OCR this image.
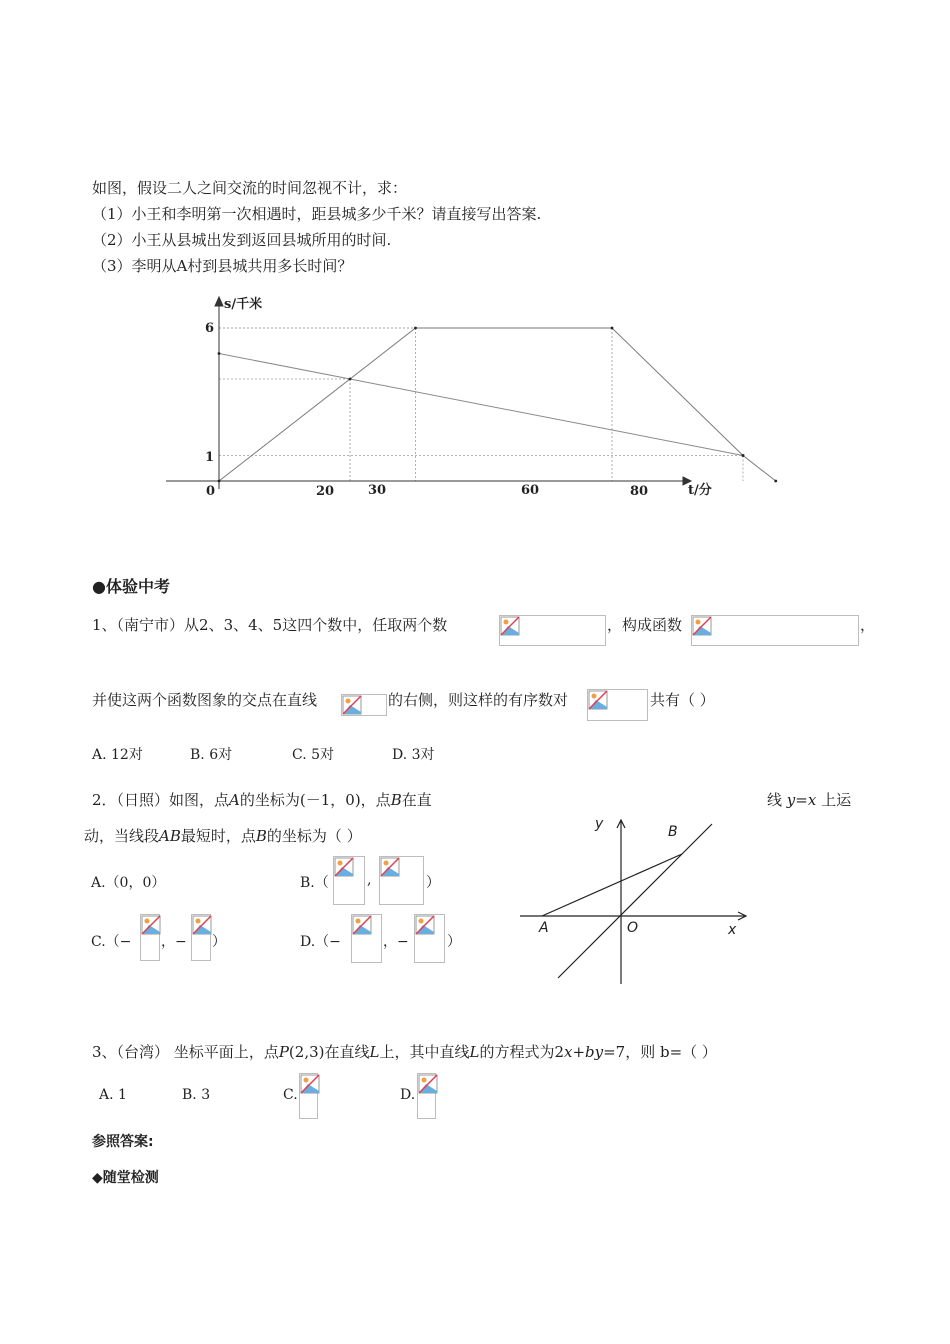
如图，假设二人之间交流的时间忽视不计，求：
（1）小王和李明第一次相遇时，距县城多少千米？请直接写出答案.
（2）小王从县城出发到返回县城所用的时间.
（3）李明从A村到县城共用多长时间？
s/千米
t/分
6
1
0	20	30	60	80
●体验中考
1、（南宁市）从2、3、4、5这四个数中，任取两个数	，构成函数	，
并使这两个函数图象的交点在直线	的右侧，则这样的有序数对	共有（ ）
A. 12对	B. 6对	C. 5对	D. 3对
2．（日照）如图，点A的坐标为(－1，0)，点B在直	线 y=x 上运
动，当线段AB最短时，点B的坐标为（ ）
A.（0，0）	B.（	,	）
C.（− ，− ）	D.（−	，−	）
y
x
A	O
B
3、（台湾） 坐标平面上，点P(2,3)在直线L上，其中直线L的方程式为2x+by=7，则 b=（ ）
A. 1	B. 3	C.	D.
参照答案:
◆随堂检测
